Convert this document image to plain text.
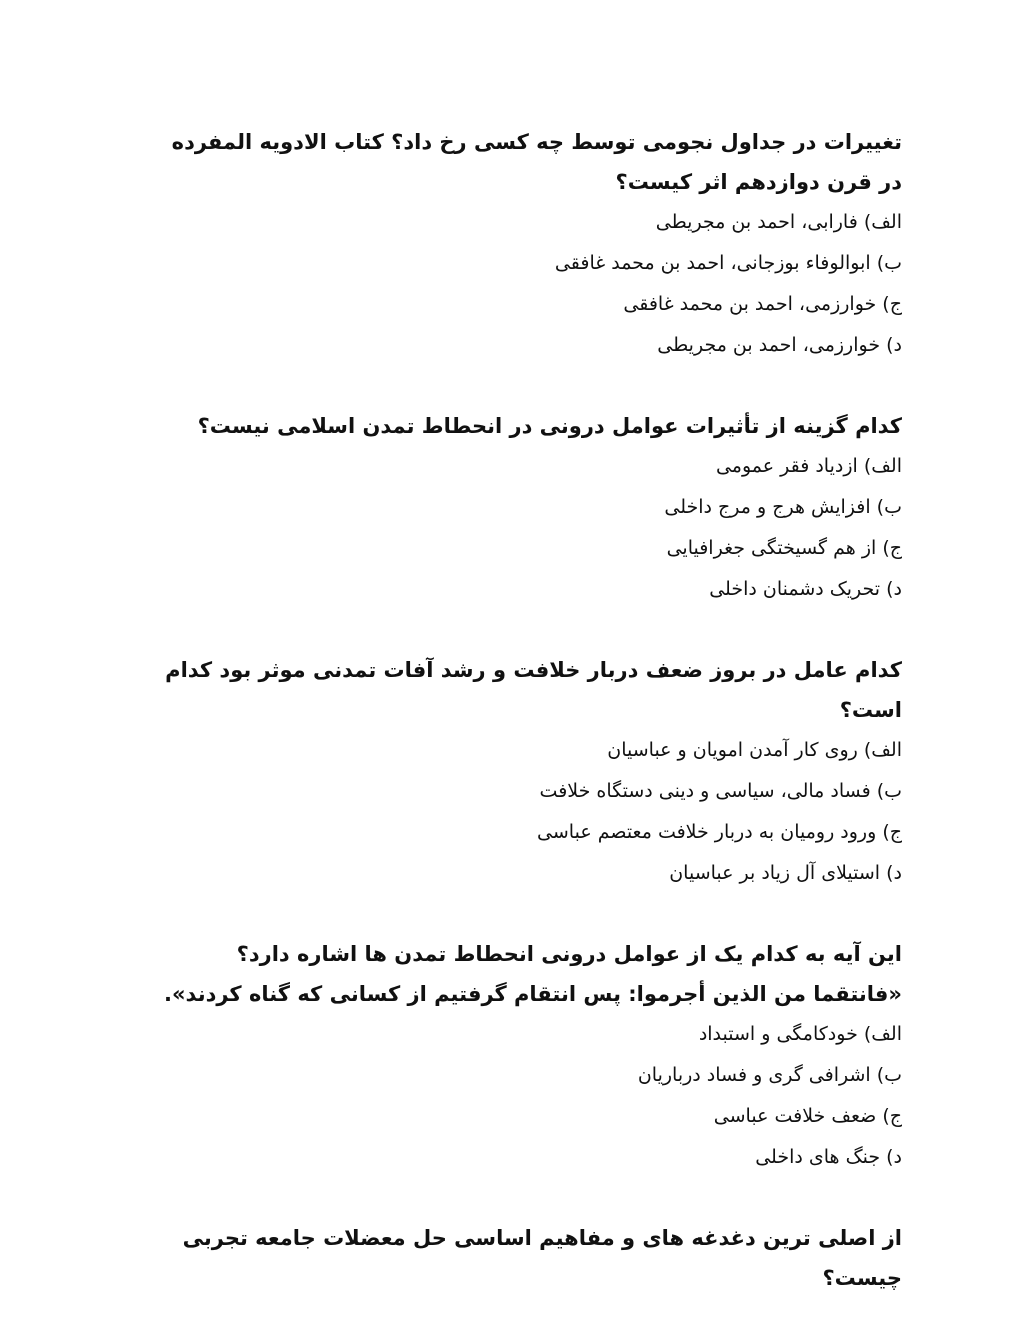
تغییرات در جداول نجومی توسط چه کسی رخ داد؟ کتاب الادویه المفرده در قرن دوازدهم اثر کیست؟

الف) فارابی، احمد بن مجریطی
ب) ابوالوفاء بوزجانی، احمد بن محمد غافقی
ج) خوارزمی، احمد بن محمد غافقی
د) خوارزمی، احمد بن مجریطی

کدام گزینه از تأثیرات عوامل درونی در انحطاط تمدن اسلامی نیست؟

الف) ازدیاد فقر عمومی
ب) افزایش هرج و مرج داخلی
ج) از هم گسیختگی جغرافیایی
د) تحریک دشمنان داخلی

کدام عامل در بروز ضعف دربار خلافت و رشد آفات تمدنی موثر بود کدام است؟

الف) روی کار آمدن امویان و عباسیان
ب) فساد مالی، سیاسی و دینی دستگاه خلافت
ج) ورود رومیان به دربار خلافت معتصم عباسی
د) استیلای آل زیاد بر عباسیان

این آیه به کدام یک از عوامل درونی انحطاط تمدن ها اشاره دارد؟ «فانتقما من الذین أجرموا: پس انتقام گرفتیم از کسانی که گناه کردند».

الف) خودکامگی و استبداد
ب) اشرافی گری و فساد درباریان
ج) ضعف خلافت عباسی
د) جنگ های داخلی

از اصلی ترین دغدغه های و مفاهیم اساسی حل معضلات جامعه تجربی چیست؟
